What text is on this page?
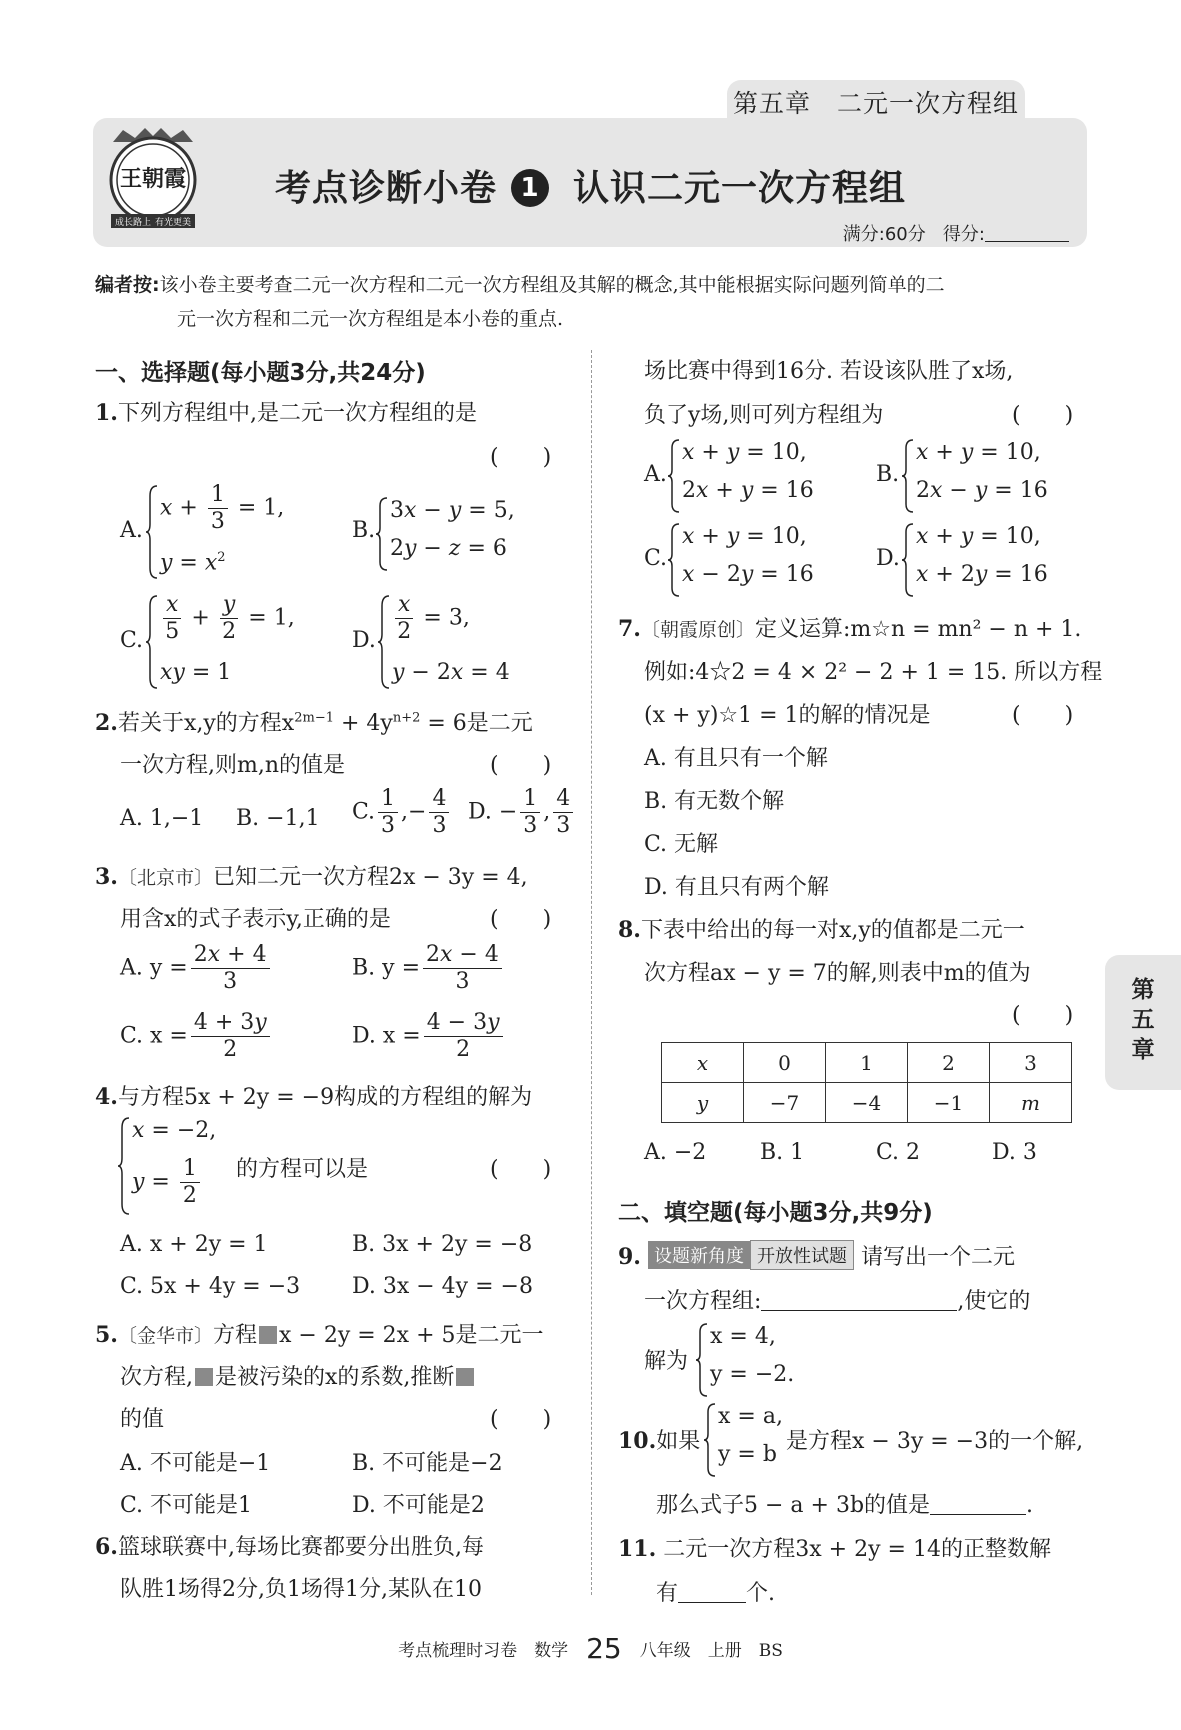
第五章　二元一次方程组
王朝霞
成长路上 有光更美
考点诊断小卷 1 认识二元一次方程组
满分:60分 得分:
编者按:该小卷主要考查二元一次方程和二元一次方程组及其解的概念,其中能根据实际问题列简单的二
元一次方程和二元一次方程组是本小卷的重点.
一、选择题(每小题3分,共24分)
1.下列方程组中,是二元一次方程组的是
(　　)
A.
$x + \frac{1}{3} = 1$,
$y = x^2$
B.
3x − y = 5,
2y − z = 6
C. $\frac{x}{5} + \frac{y}{2} = 1$,
xy = 1
D. $\frac{x}{2} = 3$,
y − 2x = 4
2.若关于x,y的方程$x^{2m-1} + 4y^{n+2} = 6$是二元
一次方程,则m,n的值是	(　　)
A. 1,−1 B. −1,1 C. $\frac{1}{3}$ ,− $\frac{4}{3} D$. − $\frac{1}{3}$ , $\frac{4}{3}$
3.〔北京市〕已知二元一次方程2x − 3y = 4,
用含x的式子表示y,正确的是	(　　)
A. $y = \frac{2x + 4}{3}$	B. $y = \frac{2x - 4}{3}$
C. $x = \frac{4 + 3y}{2}$	D. $x = \frac{4 - 3y}{2}$
4.与方程5x + 2y = −9构成的方程组的解为
x = −2,
$y = \frac{1}{2}$ 的方程可以是	(　　)
A. x + 2y = 1	B. 3x + 2y = −8
C. 5x + 4y = −3 D. 3x − 4y = −8
5.〔金华市〕方程 x − 2y = 2x + 5是二元一
次方程, 是被污染的x的系数,推断
的值	(　　)
A. 不可能是−1	B. 不可能是−2
C. 不可能是1	D. 不可能是2
6.篮球联赛中,每场比赛都要分出胜负,每
队胜1场得2分,负1场得1分,某队在10
场比赛中得到16分. 若设该队胜了x场,
负了y场,则可列方程组为	(　　)
A.
x + y = 10,
2x + y = 16
B.
x + y = 10,
2x − y = 16
C.
x + y = 10,
x − 2y = 16
D.
x + y = 10,
x + 2y = 16
7.〔朝霞原创〕定义运算:m☆n = mn² − n + 1.
例如:4☆2 = 4 × 2² − 2 + 1 = 15. 所以方程
(x + y)☆1 = 1的解的情况是	(　　)
A. 有且只有一个解
B. 有无数个解
C. 无解
D. 有且只有两个解
8.下表中给出的每一对x,y的值都是二元一
次方程ax − y = 7的解,则表中m的值为
(　　)
x	0	1	2	3
y	−7	−4	−1	m
A. −2 B. 1	C. 2	D. 3
二、填空题(每小题3分,共9分)
9. 设题新角度 开放性试题 请写出一个二元
一次方程组:	,使它的
解为
x = 4,
y = −2.
10.如果
x = a,
y = b
是方程x − 3y = −3的一个解,
那么式子5 − a + 3b的值是	.
11. 二元一次方程3x + 2y = 14的正整数解
有	个.
第
五
章
考点梳理时习卷　数学 25 八年级　上册　BS
